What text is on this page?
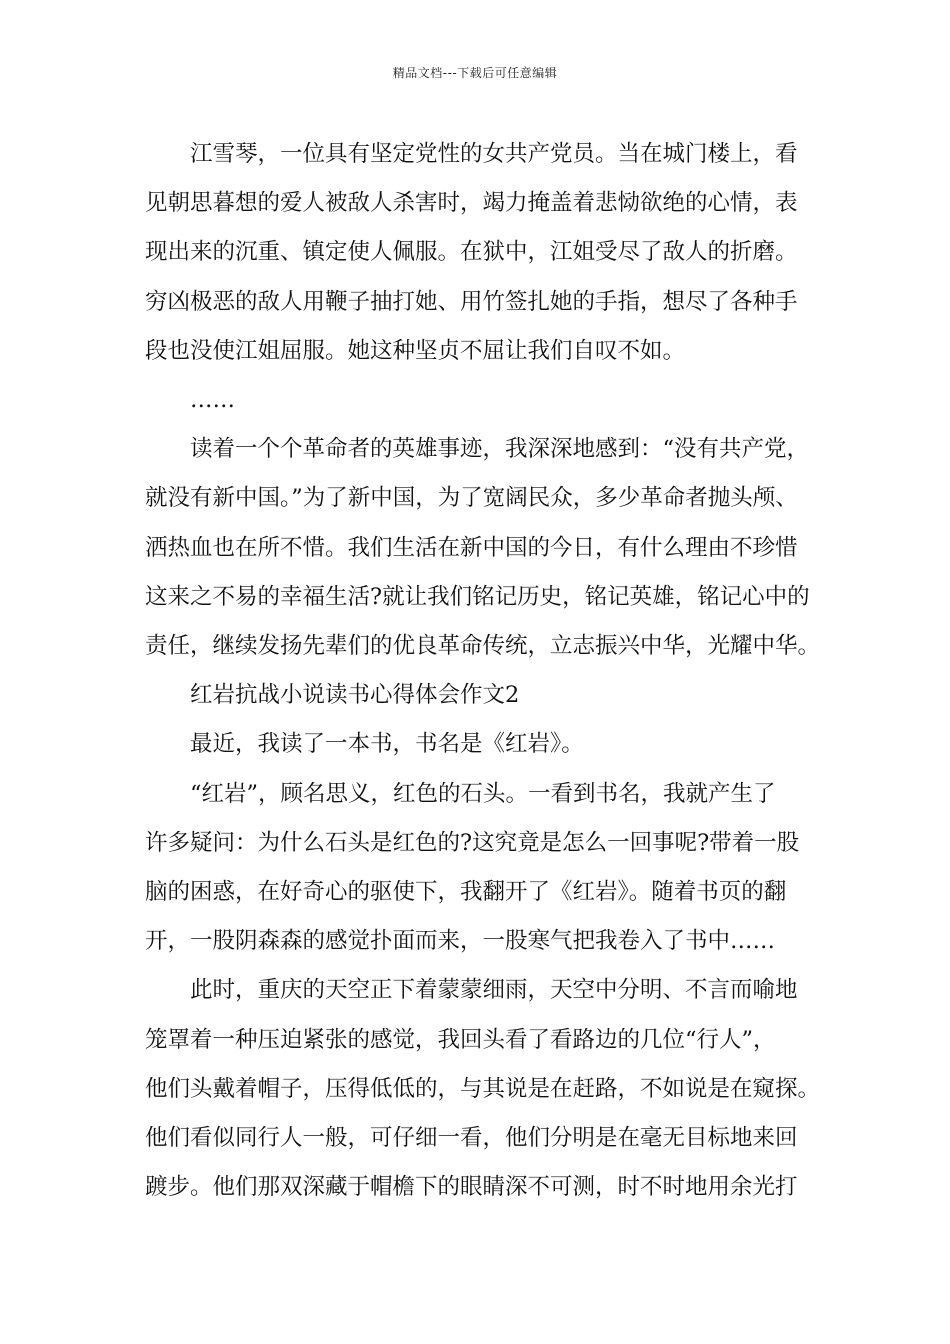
精品文档---下载后可任意编辑

江雪琴，一位具有坚定党性的女共产党员。当在城门楼上，看
见朝思暮想的爱人被敌人杀害时，竭力掩盖着悲恸欲绝的心情，表
现出来的沉重、镇定使人佩服。在狱中，江姐受尽了敌人的折磨。
穷凶极恶的敌人用鞭子抽打她、用竹签扎她的手指，想尽了各种手
段也没使江姐屈服。她这种坚贞不屈让我们自叹不如。

……

读着一个个革命者的英雄事迹，我深深地感到：“没有共产党，
就没有新中国。”为了新中国，为了宽阔民众，多少革命者抛头颅、
洒热血也在所不惜。我们生活在新中国的今日，有什么理由不珍惜
这来之不易的幸福生活?就让我们铭记历史，铭记英雄，铭记心中的
责任，继续发扬先辈们的优良革命传统，立志振兴中华，光耀中华。

红岩抗战小说读书心得体会作文2

最近，我读了一本书，书名是《红岩》。

“红岩”，顾名思义，红色的石头。一看到书名，我就产生了
许多疑问：为什么石头是红色的?这究竟是怎么一回事呢?带着一股
脑的困惑，在好奇心的驱使下，我翻开了《红岩》。随着书页的翻
开，一股阴森森的感觉扑面而来，一股寒气把我卷入了书中……

此时，重庆的天空正下着蒙蒙细雨，天空中分明、不言而喻地
笼罩着一种压迫紧张的感觉，我回头看了看路边的几位“行人”，
他们头戴着帽子，压得低低的，与其说是在赶路，不如说是在窥探。
他们看似同行人一般，可仔细一看，他们分明是在毫无目标地来回
踱步。他们那双深藏于帽檐下的眼睛深不可测，时不时地用余光打
